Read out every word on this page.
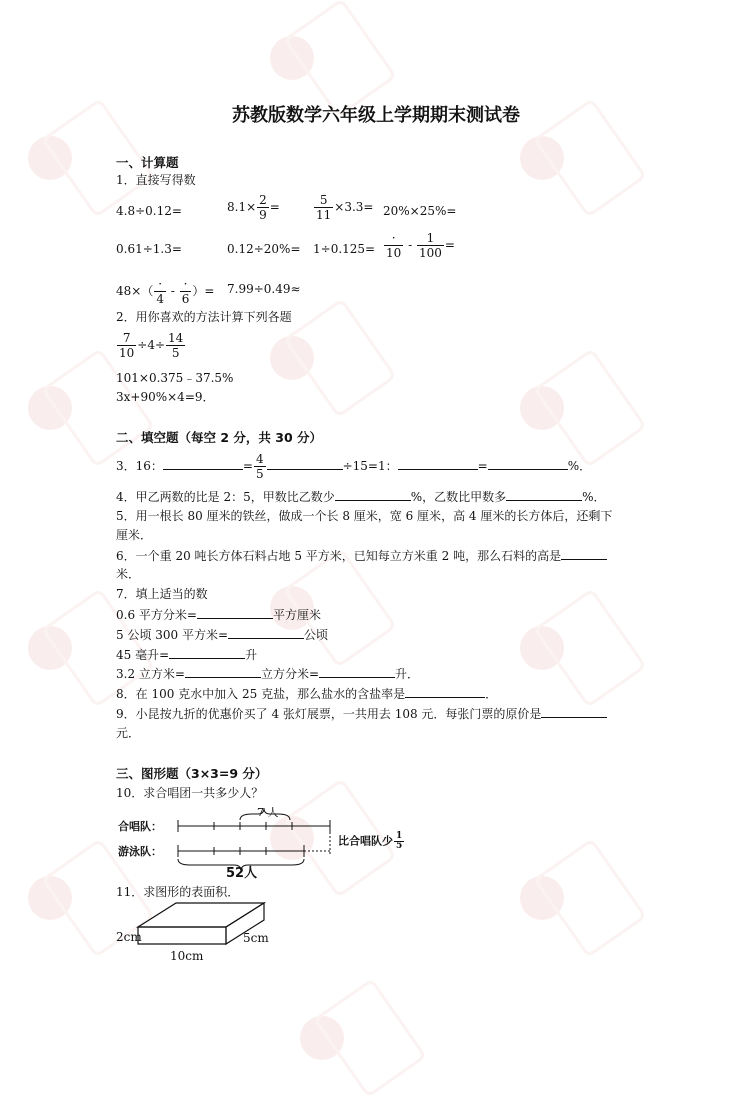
苏教版数学六年级上学期期末测试卷
一、计算题
1．直接写得数
4.8÷0.12=	$8.1\times \frac{2}{9}$ =	$\frac{5}{11} \times 3.3= 20\%\times 25\%=$
0.61÷1.3=	$0.12\div 20\%= 1\div 0.125= \frac{\cdot}{10} - \frac{1}{100}$ =
$48\times( \frac{\cdot}{4} - \frac{\cdot}{6}$ ）= 7.99÷0.49≈
2．用你喜欢的方法计算下列各题
$\frac{7}{10} \div 4\div \frac{14}{5}$
101×0.375﹣37.5%
3x+90%×4=9．
二、填空题（每空 2 分，共 30 分）
3．16：	= $\frac{4}{5}$	÷15=1：	=	%．
4．甲乙两数的比是 2：5，甲数比乙数少	%，乙数比甲数多	%．
5．用一根长 80 厘米的铁丝，做成一个长 8 厘米，宽 6 厘米，高 4 厘米的长方体后，还剩下
厘米．
6．一个重 20 吨长方体石料占地 5 平方米，已知每立方米重 2 吨，那么石料的高是
米．
7．填上适当的数
0.6 平方分米=	平方厘米
5 公顷 300 平方米=	公顷
45 毫升=	升
3.2 立方米=	立方分米=	升．
8．在 100 克水中加入 25 克盐，那么盐水的含盐率是	．
9．小昆按九折的优惠价买了 4 张灯展票，一共用去 108 元．每张门票的原价是
元．
三、图形题（3×3=9 分）
10．求合唱团一共多少人？
7 人
合唱队：
游泳队：
比合唱队少 $\frac{1}{5}$
52人
11．求图形的表面积．
2cm	5cm
10cm
